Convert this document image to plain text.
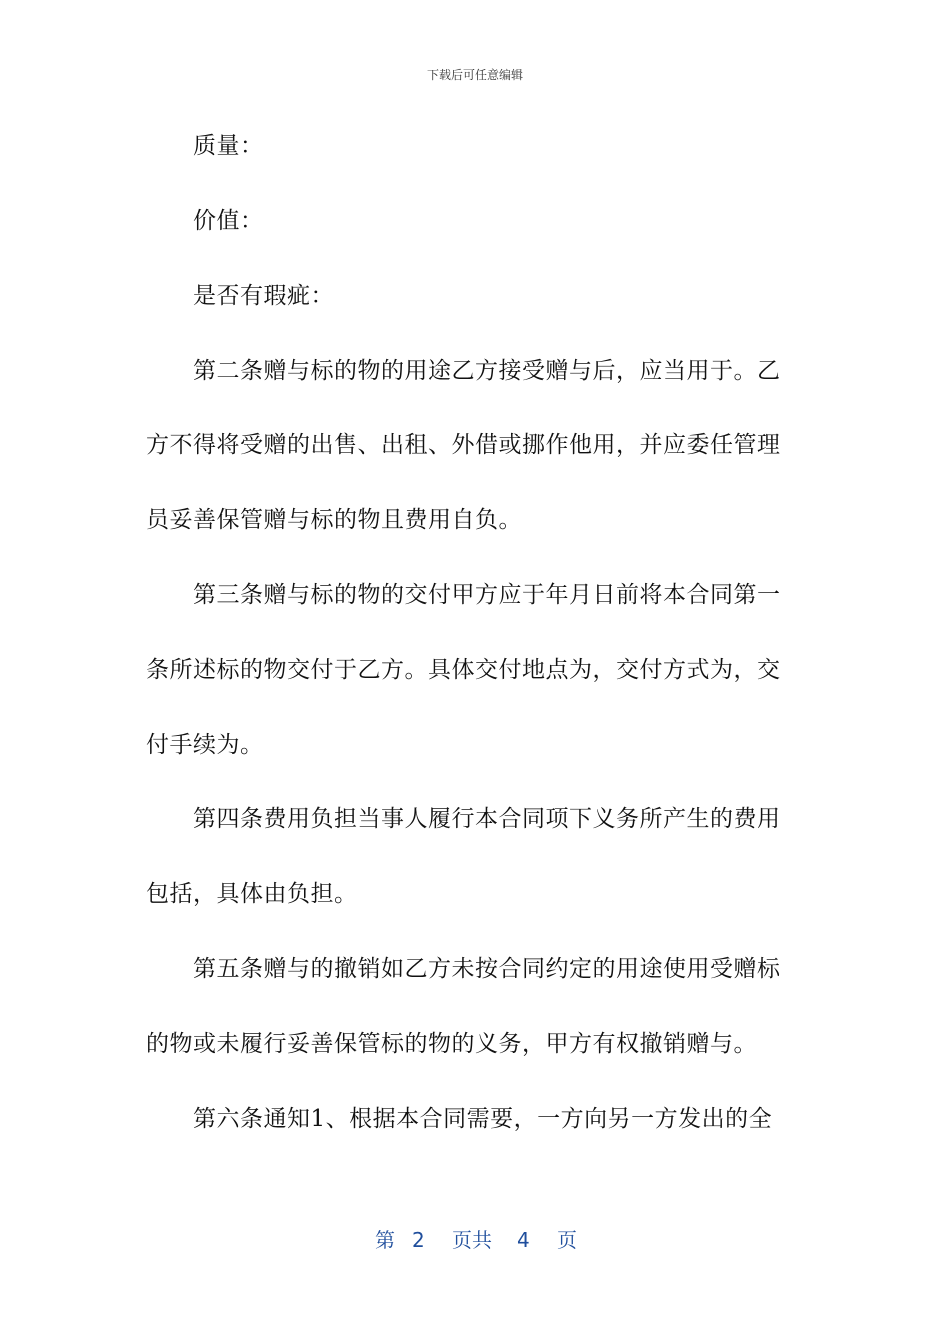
下载后可任意编辑
质量：
价值：
是否有瑕疵：
第二条赠与标的物的用途乙方接受赠与后，应当用于。乙
方不得将受赠的出售、出租、外借或挪作他用，并应委任管理
员妥善保管赠与标的物且费用自负。
第三条赠与标的物的交付甲方应于年月日前将本合同第一
条所述标的物交付于乙方。具体交付地点为，交付方式为，交
付手续为。
第四条费用负担当事人履行本合同项下义务所产生的费用
包括，具体由负担。
第五条赠与的撤销如乙方未按合同约定的用途使用受赠标
的物或未履行妥善保管标的物的义务，甲方有权撤销赠与。
第六条通知1、根据本合同需要，一方向另一方发出的全
第 2 页共 4 页
